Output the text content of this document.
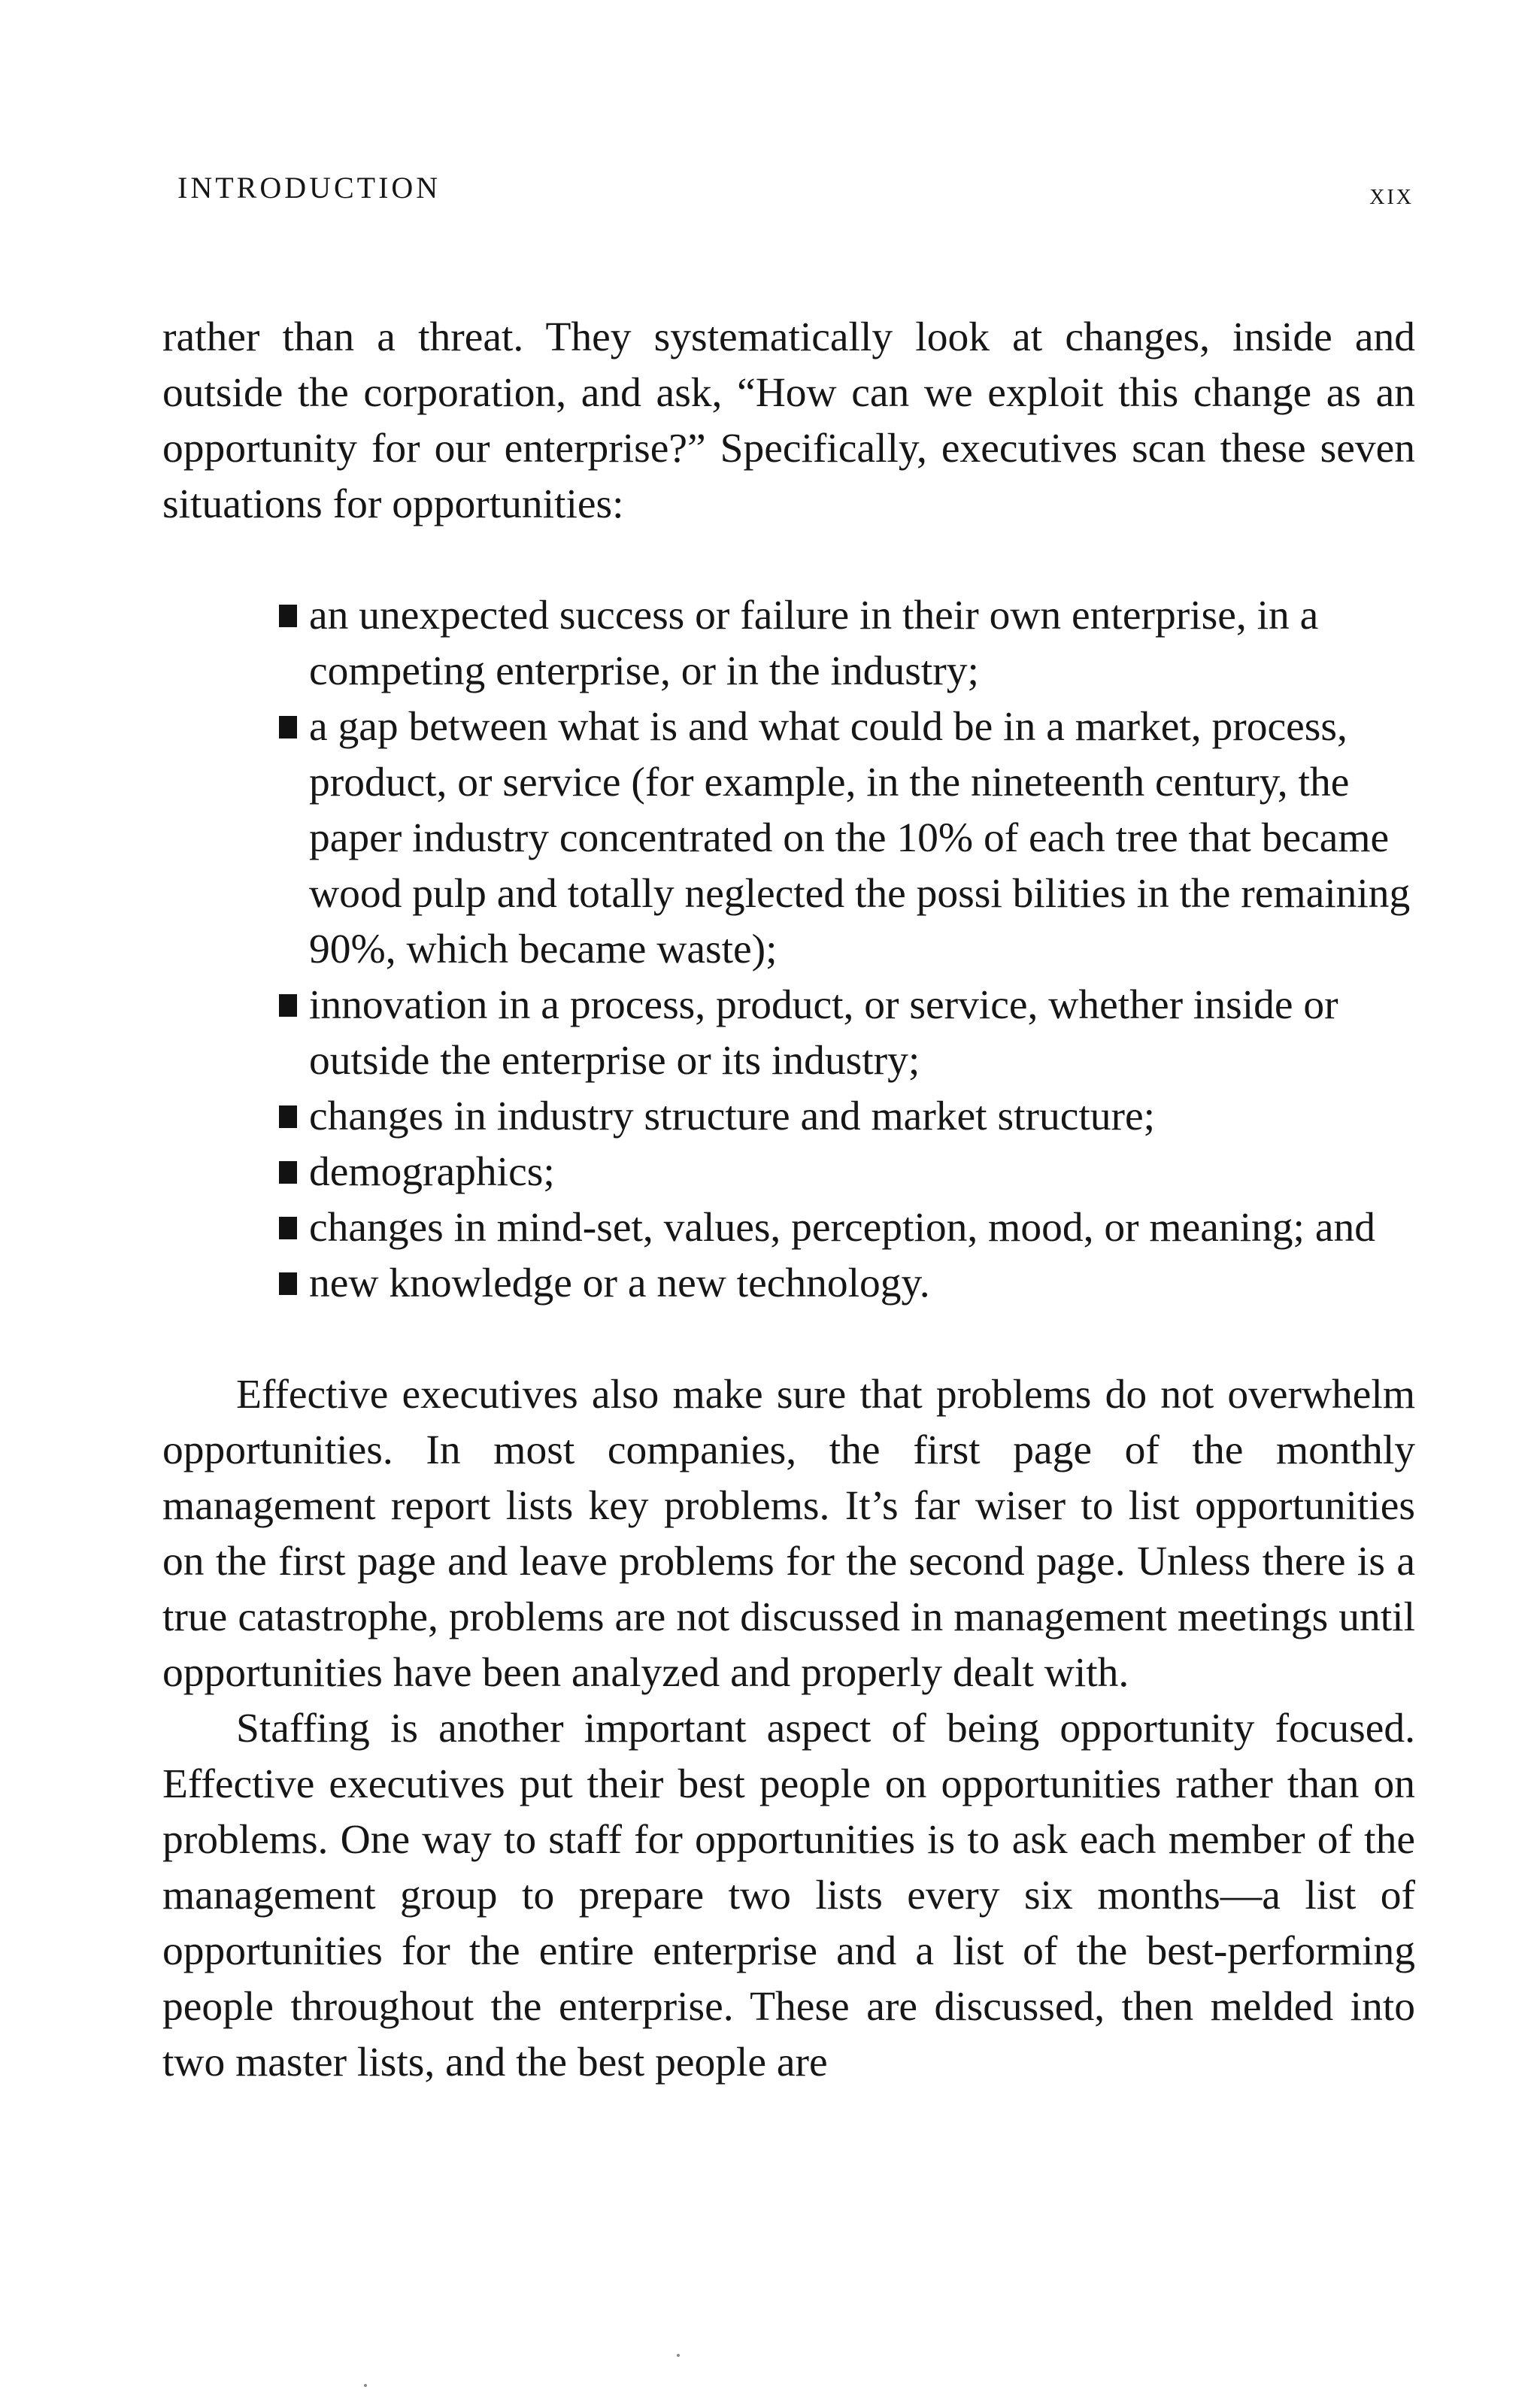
INTRODUCTION	xix

rather than a threat. They systematically look at changes, inside and outside the corporation, and ask, “How can we exploit this change as an opportunity for our enterprise?” Specifically, executives scan these seven situations for opportunities:

an unexpected success or failure in their own enterprise, in a competing enterprise, or in the industry;
a gap between what is and what could be in a market, process, product, or service (for example, in the nineteenth century, the paper industry concentrated on the 10% of each tree that became wood pulp and totally neglected the possi bilities in the remaining 90%, which became waste);
innovation in a process, product, or service, whether inside or outside the enterprise or its industry;
changes in industry structure and market structure;
demographics;
changes in mind-set, values, perception, mood, or meaning; and
new knowledge or a new technology.

Effective executives also make sure that problems do not overwhelm opportunities. In most companies, the first page of the monthly management report lists key problems. It’s far wiser to list opportunities on the first page and leave problems for the second page. Unless there is a true catastrophe, problems are not discussed in management meetings until opportunities have been analyzed and properly dealt with.

Staffing is another important aspect of being opportunity focused. Effective executives put their best people on opportunities rather than on problems. One way to staff for opportunities is to ask each member of the management group to prepare two lists every six months—a list of opportunities for the entire enterprise and a list of the best-performing people throughout the enterprise. These are discussed, then melded into two master lists, and the best people are
